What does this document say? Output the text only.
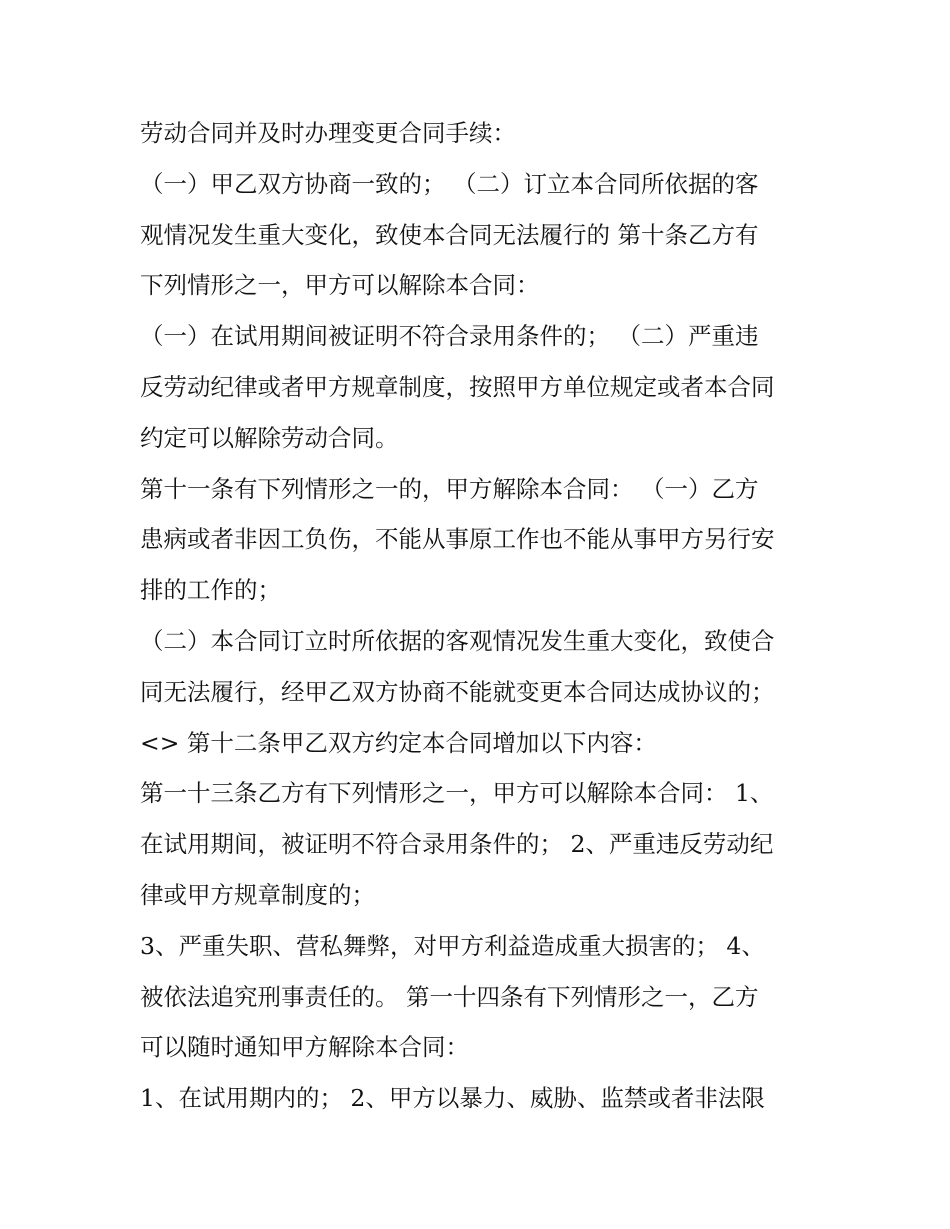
劳动合同并及时办理变更合同手续：
（一）甲乙双方协商一致的； （二）订立本合同所依据的客
观情况发生重大变化，致使本合同无法履行的 第十条乙方有
下列情形之一，甲方可以解除本合同：
（一）在试用期间被证明不符合录用条件的； （二）严重违
反劳动纪律或者甲方规章制度，按照甲方单位规定或者本合同
约定可以解除劳动合同。
第十一条有下列情形之一的，甲方解除本合同： （一）乙方
患病或者非因工负伤，不能从事原工作也不能从事甲方另行安
排的工作的；
（二）本合同订立时所依据的客观情况发生重大变化，致使合
同无法履行，经甲乙双方协商不能就变更本合同达成协议的；
<> 第十二条甲乙双方约定本合同增加以下内容：
第一十三条乙方有下列情形之一，甲方可以解除本合同： 1、
在试用期间，被证明不符合录用条件的； 2、严重违反劳动纪
律或甲方规章制度的；
3、严重失职、营私舞弊，对甲方利益造成重大损害的； 4、
被依法追究刑事责任的。 第一十四条有下列情形之一，乙方
可以随时通知甲方解除本合同：
1、在试用期内的； 2、甲方以暴力、威胁、监禁或者非法限
